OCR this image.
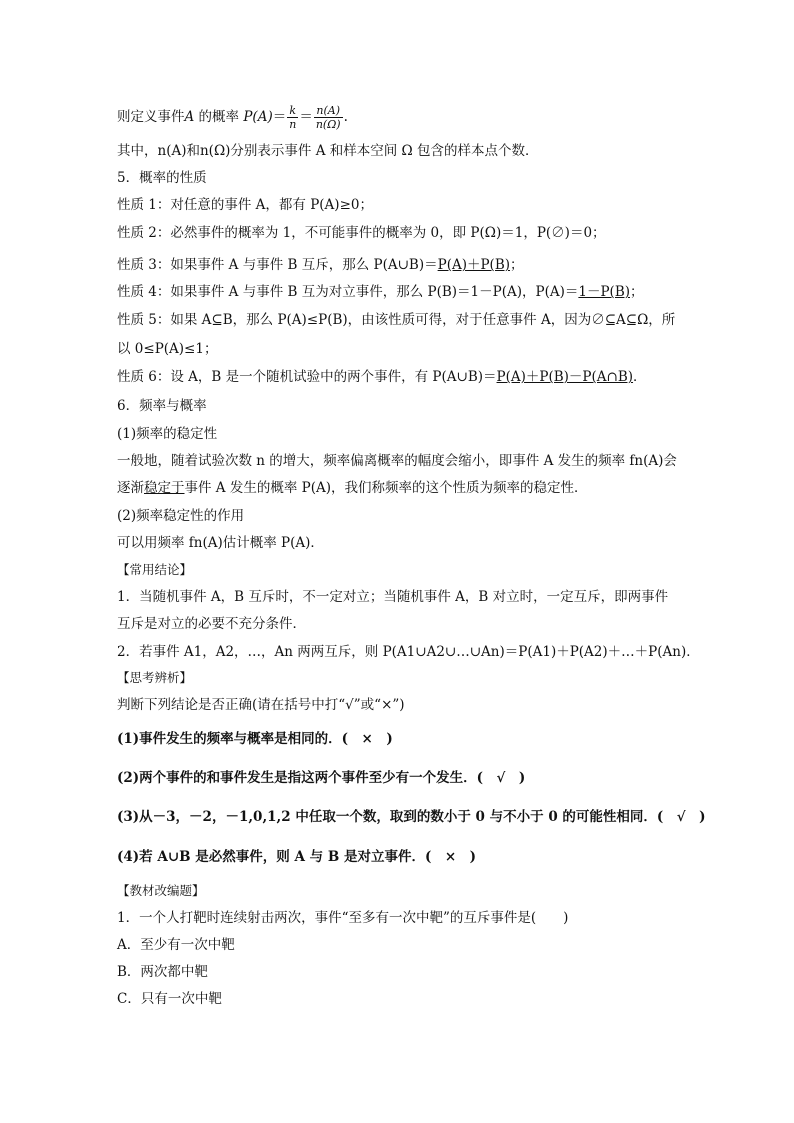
则定义事件A 的概率 $P(A)= \frac{k}{n} = \frac{n(A)}{n(\Omega)}$ .
其中，n(A)和n(Ω)分别表示事件 A 和样本空间 Ω 包含的样本点个数．
5．概率的性质
性质 1：对任意的事件 A，都有 P(A)≥0；
性质 2：必然事件的概率为 1，不可能事件的概率为 0，即 P(Ω)＝1，P(∅)＝0；
性质 3：如果事件 A 与事件 B 互斥，那么 P(A∪B)＝P(A)＋P(B)；
性质 4：如果事件 A 与事件 B 互为对立事件，那么 P(B)＝1－P(A)，P(A)＝1－P(B)；
性质 5：如果 A⊆B，那么 P(A)≤P(B)，由该性质可得，对于任意事件 A，因为∅⊆A⊆Ω，所
以 0≤P(A)≤1；
性质 6：设 A，B 是一个随机试验中的两个事件，有 P(A∪B)＝P(A)＋P(B)－P(A∩B)．
6．频率与概率
(1)频率的稳定性
一般地，随着试验次数 n 的增大，频率偏离概率的幅度会缩小，即事件 A 发生的频率 fn(A)会
逐渐稳定于事件 A 发生的概率 P(A)，我们称频率的这个性质为频率的稳定性．
(2)频率稳定性的作用
可以用频率 fn(A)估计概率 P(A)．
【常用结论】
1．当随机事件 A，B 互斥时，不一定对立；当随机事件 A，B 对立时，一定互斥，即两事件
互斥是对立的必要不充分条件．
2．若事件 A1，A2，…，An 两两互斥，则 P(A1∪A2∪…∪An)＝P(A1)＋P(A2)＋…＋P(An)．
【思考辨析】
判断下列结论是否正确(请在括号中打“√”或“×”)
(1)事件发生的频率与概率是相同的．(　×　)
(2)两个事件的和事件发生是指这两个事件至少有一个发生．(　√　)
(3)从－3，－2，－1,0,1,2 中任取一个数，取到的数小于 0 与不小于 0 的可能性相同．(　√　)
(4)若 A∪B 是必然事件，则 A 与 B 是对立事件．(　×　)
【教材改编题】
1．一个人打靶时连续射击两次，事件“至多有一次中靶”的互斥事件是(　　)
A．至少有一次中靶
B．两次都中靶
C．只有一次中靶
